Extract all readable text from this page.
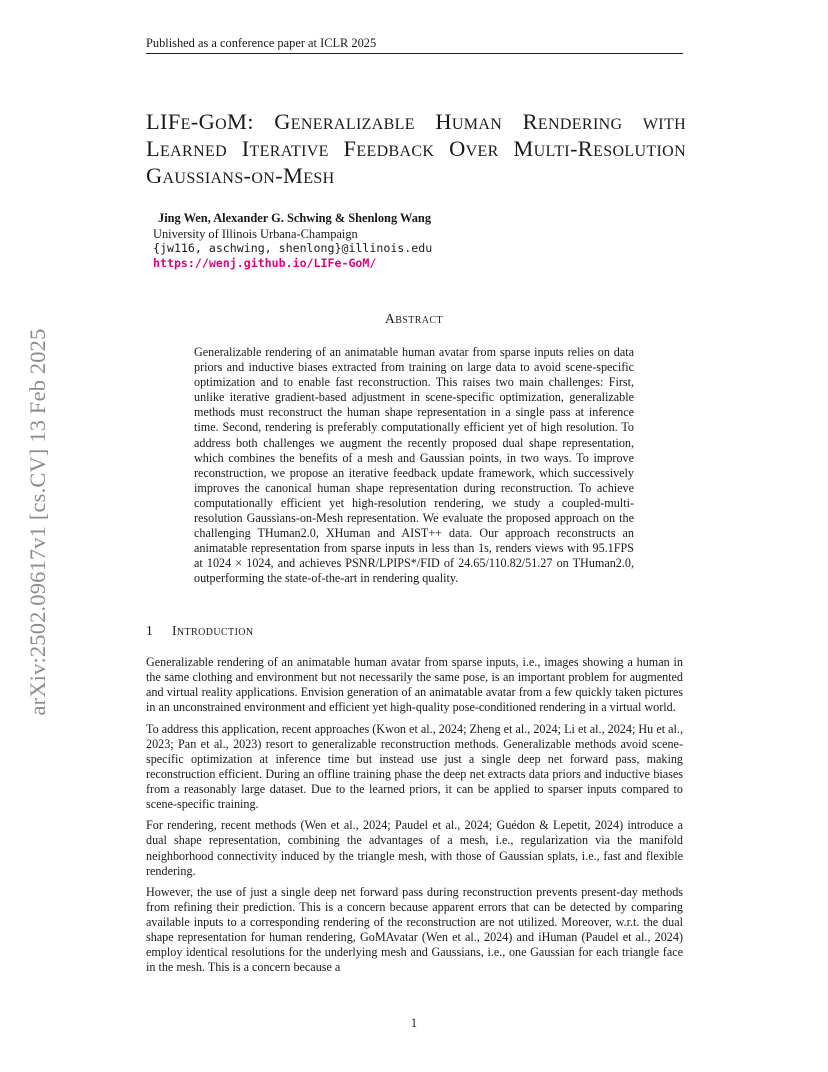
Published as a conference paper at ICLR 2025
arXiv:2502.09617v1 [cs.CV] 13 Feb 2025
LIFe-GoM: Generalizable Human Rendering with Learned Iterative Feedback Over Multi-Resolution Gaussians-on-Mesh
Jing Wen, Alexander G. Schwing & Shenlong Wang
University of Illinois Urbana-Champaign
{jw116, aschwing, shenlong}@illinois.edu
https://wenj.github.io/LIFe-GoM/
Abstract

Generalizable rendering of an animatable human avatar from sparse inputs relies on data priors and inductive biases extracted from training on large data to avoid scene-specific optimization and to enable fast reconstruction. This raises two main challenges: First, unlike iterative gradient-based adjustment in scene-specific optimization, generalizable methods must reconstruct the human shape representation in a single pass at inference time. Second, rendering is preferably computationally efficient yet of high resolution. To address both challenges we augment the recently proposed dual shape representation, which combines the benefits of a mesh and Gaussian points, in two ways. To improve reconstruction, we propose an iterative feedback update framework, which successively improves the canonical human shape representation during reconstruction. To achieve computationally efficient yet high-resolution rendering, we study a coupled-multi-resolution Gaussians-on-Mesh representation. We evaluate the proposed approach on the challenging THuman2.0, XHuman and AIST++ data. Our approach reconstructs an animatable representation from sparse inputs in less than 1s, renders views with 95.1FPS at 1024 × 1024, and achieves PSNR/LPIPS*/FID of 24.65/110.82/51.27 on THuman2.0, outperforming the state-of-the-art in rendering quality.

1 Introduction

Generalizable rendering of an animatable human avatar from sparse inputs, i.e., images showing a human in the same clothing and environment but not necessarily the same pose, is an important problem for augmented and virtual reality applications. Envision generation of an animatable avatar from a few quickly taken pictures in an unconstrained environment and efficient yet high-quality pose-conditioned rendering in a virtual world.

To address this application, recent approaches (Kwon et al., 2024; Zheng et al., 2024; Li et al., 2024; Hu et al., 2023; Pan et al., 2023) resort to generalizable reconstruction methods. Generalizable methods avoid scene-specific optimization at inference time but instead use just a single deep net forward pass, making reconstruction efficient. During an offline training phase the deep net extracts data priors and inductive biases from a reasonably large dataset. Due to the learned priors, it can be applied to sparser inputs compared to scene-specific training.

For rendering, recent methods (Wen et al., 2024; Paudel et al., 2024; Guédon & Lepetit, 2024) introduce a dual shape representation, combining the advantages of a mesh, i.e., regularization via the manifold neighborhood connectivity induced by the triangle mesh, with those of Gaussian splats, i.e., fast and flexible rendering.

However, the use of just a single deep net forward pass during reconstruction prevents present-day methods from refining their prediction. This is a concern because apparent errors that can be detected by comparing available inputs to a corresponding rendering of the reconstruction are not utilized. Moreover, w.r.t. the dual shape representation for human rendering, GoMAvatar (Wen et al., 2024) and iHuman (Paudel et al., 2024) employ identical resolutions for the underlying mesh and Gaussians, i.e., one Gaussian for each triangle face in the mesh. This is a concern because a

1
